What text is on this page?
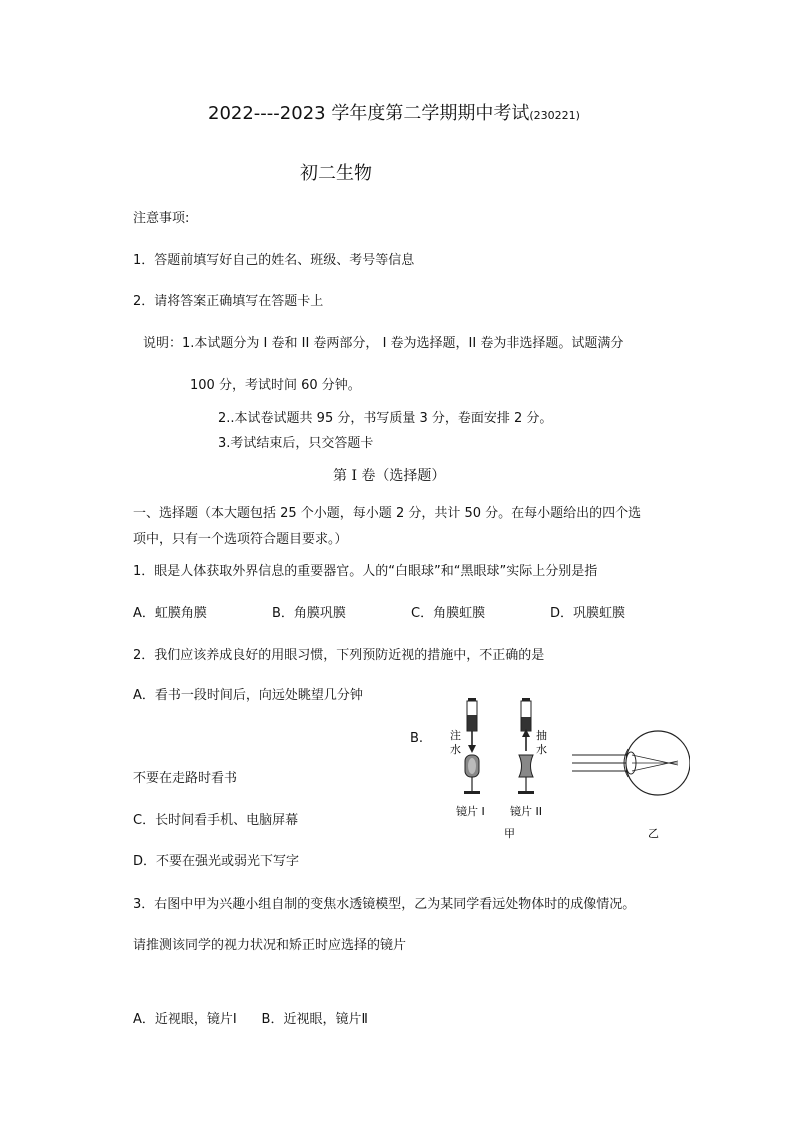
2022----2023 学年度第二学期期中考试(230221)
初二生物
注意事项:
1．答题前填写好自己的姓名、班级、考号等信息
2．请将答案正确填写在答题卡上
说明：1.本试题分为 I 卷和 II 卷两部分， I 卷为选择题，II 卷为非选择题。试题满分
100 分，考试时间 60 分钟。
2..本试卷试题共 95 分，书写质量 3 分，卷面安排 2 分。
3.考试结束后，只交答题卡
第 I 卷（选择题）
一、选择题（本大题包括 25 个小题，每小题 2 分，共计 50 分。在每小题给出的四个选
项中，只有一个选项符合题目要求。）
1．眼是人体获取外界信息的重要器官。人的“白眼球”和“黑眼球”实际上分别是指
A．虹膜角膜	B．角膜巩膜	C．角膜虹膜	D．巩膜虹膜
2．我们应该养成良好的用眼习惯，下列预防近视的措施中，不正确的是
A．看书一段时间后，向远处眺望几分钟
B.
不要在走路时看书
C．长时间看手机、电脑屏幕
D．不要在强光或弱光下写字
3．右图中甲为兴趣小组自制的变焦水透镜模型，乙为某同学看远处物体时的成像情况。
请推测该同学的视力状况和矫正时应选择的镜片
A．近视眼，镜片Ⅰ      B．近视眼，镜片Ⅱ
注
水
抽
水
镜片 I 镜片 II
甲	乙
